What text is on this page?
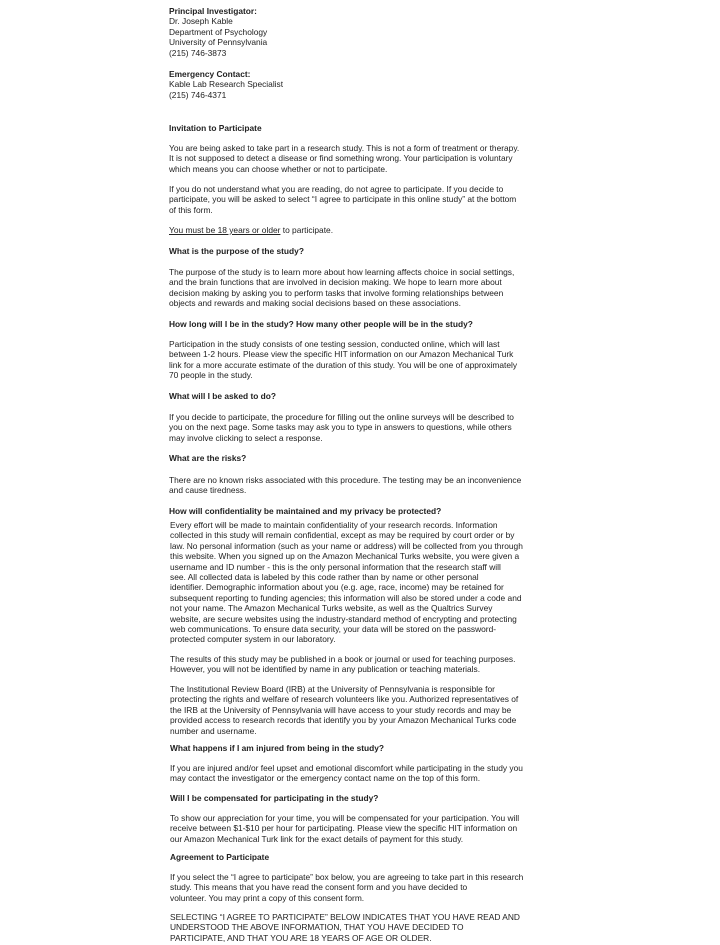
Principal Investigator:
Dr. Joseph Kable
Department of Psychology
University of Pennsylvania
(215) 746-3873
Emergency Contact:
Kable Lab Research Specialist
(215) 746-4371
Invitation to Participate
You are being asked to take part in a research study. This is not a form of treatment or therapy.
It is not supposed to detect a disease or find something wrong. Your participation is voluntary
which means you can choose whether or not to participate.
If you do not understand what you are reading, do not agree to participate. If you decide to
participate, you will be asked to select “I agree to participate in this online study” at the bottom
of this form.
You must be 18 years or older to participate.
What is the purpose of the study?
The purpose of the study is to learn more about how learning affects choice in social settings,
and the brain functions that are involved in decision making. We hope to learn more about
decision making by asking you to perform tasks that involve forming relationships between
objects and rewards and making social decisions based on these associations.
How long will I be in the study? How many other people will be in the study?
Participation in the study consists of one testing session, conducted online, which will last
between 1-2 hours. Please view the specific HIT information on our Amazon Mechanical Turk
link for a more accurate estimate of the duration of this study. You will be one of approximately
70 people in the study.
What will I be asked to do?
If you decide to participate, the procedure for filling out the online surveys will be described to
you on the next page. Some tasks may ask you to type in answers to questions, while others
may involve clicking to select a response.
What are the risks?
There are no known risks associated with this procedure. The testing may be an inconvenience
and cause tiredness.
How will confidentiality be maintained and my privacy be protected?
Every effort will be made to maintain confidentiality of your research records. Information
collected in this study will remain confidential, except as may be required by court order or by
law. No personal information (such as your name or address) will be collected from you through
this website. When you signed up on the Amazon Mechanical Turks website, you were given a
username and ID number - this is the only personal information that the research staff will
see. All collected data is labeled by this code rather than by name or other personal
identifier. Demographic information about you (e.g. age, race, income) may be retained for
subsequent reporting to funding agencies; this information will also be stored under a code and
not your name. The Amazon Mechanical Turks website, as well as the Qualtrics Survey
website, are secure websites using the industry-standard method of encrypting and protecting
web communications. To ensure data security, your data will be stored on the password-
protected computer system in our laboratory.
The results of this study may be published in a book or journal or used for teaching purposes.
However, you will not be identified by name in any publication or teaching materials.
The Institutional Review Board (IRB) at the University of Pennsylvania is responsible for
protecting the rights and welfare of research volunteers like you. Authorized representatives of
the IRB at the University of Pennsylvania will have access to your study records and may be
provided access to research records that identify you by your Amazon Mechanical Turks code
number and username.
What happens if I am injured from being in the study?
If you are injured and/or feel upset and emotional discomfort while participating in the study you
may contact the investigator or the emergency contact name on the top of this form.
Will I be compensated for participating in the study?
To show our appreciation for your time, you will be compensated for your participation. You will
receive between $1-$10 per hour for participating. Please view the specific HIT information on
our Amazon Mechanical Turk link for the exact details of payment for this study.
Agreement to Participate
If you select the “I agree to participate” box below, you are agreeing to take part in this research
study. This means that you have read the consent form and you have decided to
volunteer. You may print a copy of this consent form.
SELECTING “I AGREE TO PARTICIPATE” BELOW INDICATES THAT YOU HAVE READ AND
UNDERSTOOD THE ABOVE INFORMATION, THAT YOU HAVE DECIDED TO
PARTICIPATE, AND THAT YOU ARE 18 YEARS OF AGE OR OLDER.
